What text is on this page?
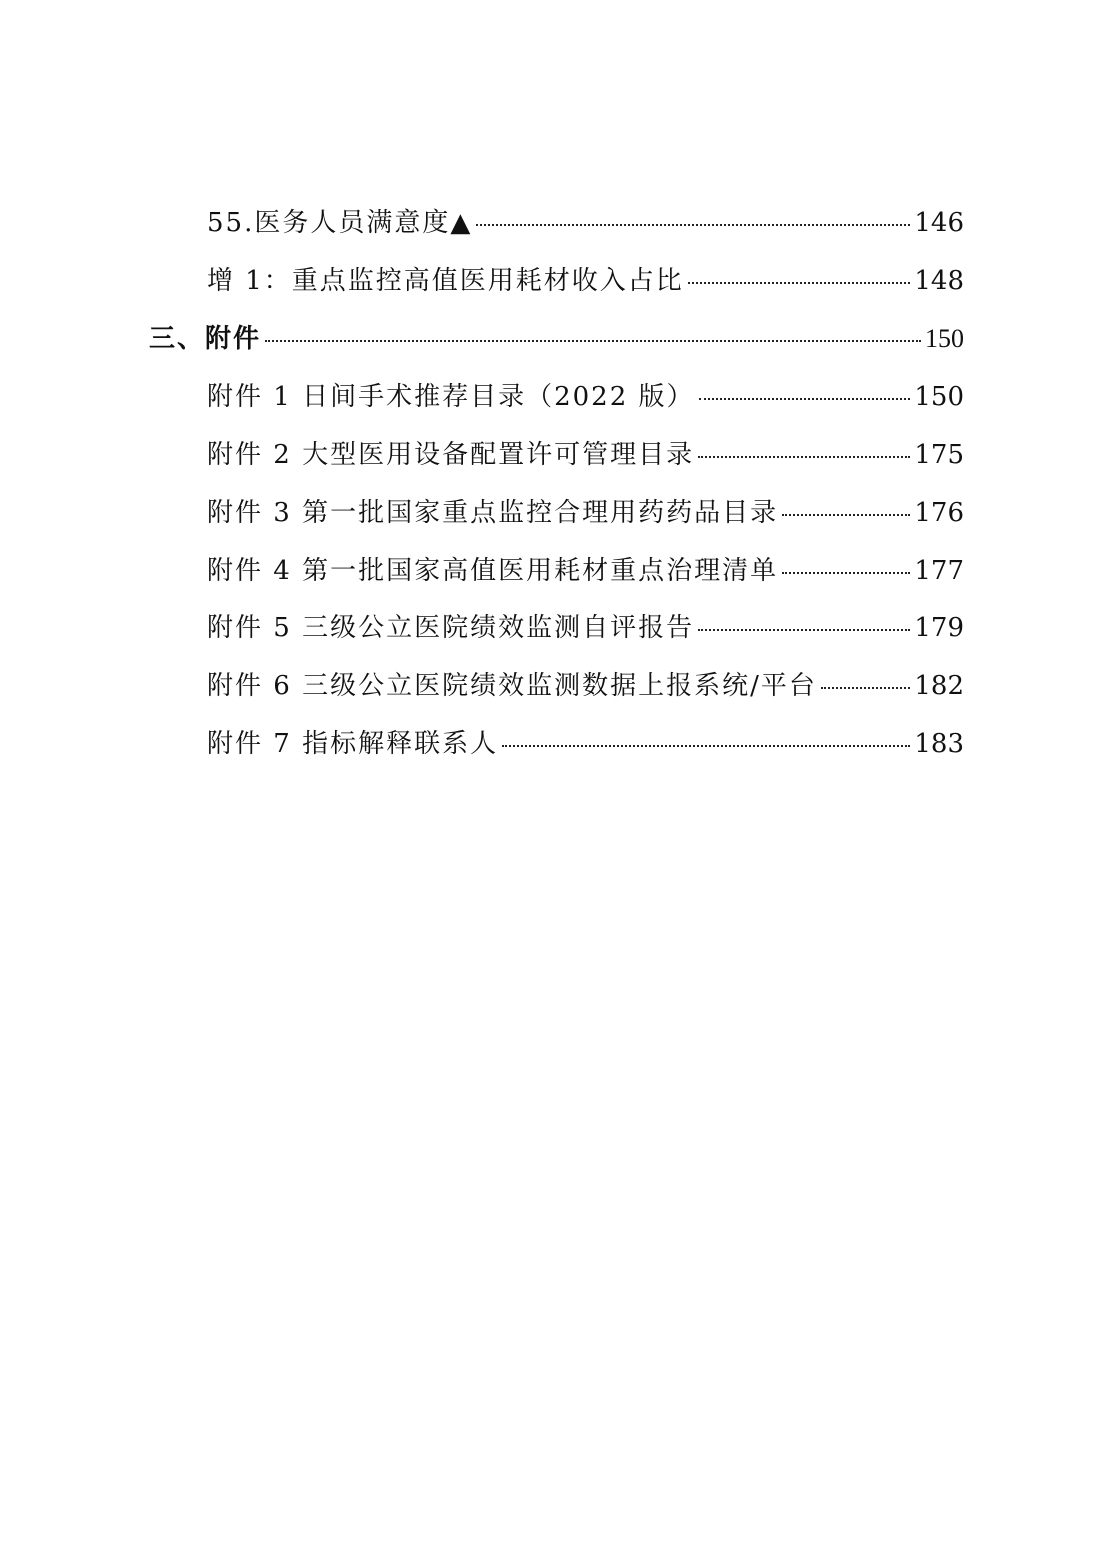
55.医务人员满意度▲	146
增 1：重点监控高值医用耗材收入占比	148
三、附件	150
附件 1 日间手术推荐目录（2022 版）	150
附件 2 大型医用设备配置许可管理目录	175
附件 3 第一批国家重点监控合理用药药品目录	176
附件 4 第一批国家高值医用耗材重点治理清单	177
附件 5 三级公立医院绩效监测自评报告	179
附件 6 三级公立医院绩效监测数据上报系统/平台	182
附件 7 指标解释联系人	183
